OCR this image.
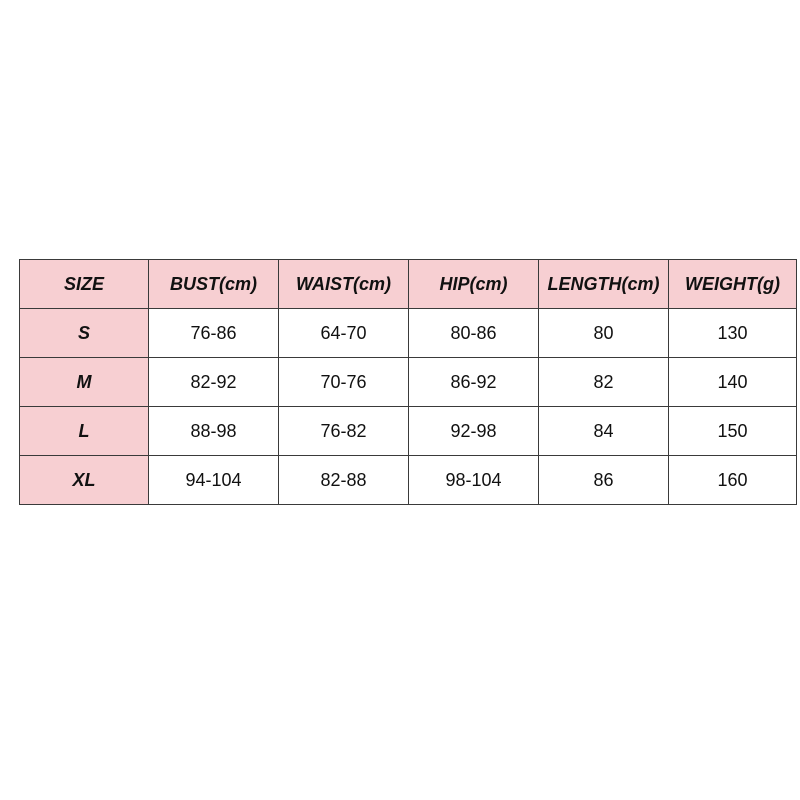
SIZE	BUST(cm)	WAIST(cm)	HIP(cm)	LENGTH(cm)	WEIGHT(g)
S	76-86	64-70	80-86	80	130
M	82-92	70-76	86-92	82	140
L	88-98	76-82	92-98	84	150
XL	94-104	82-88	98-104	86	160
